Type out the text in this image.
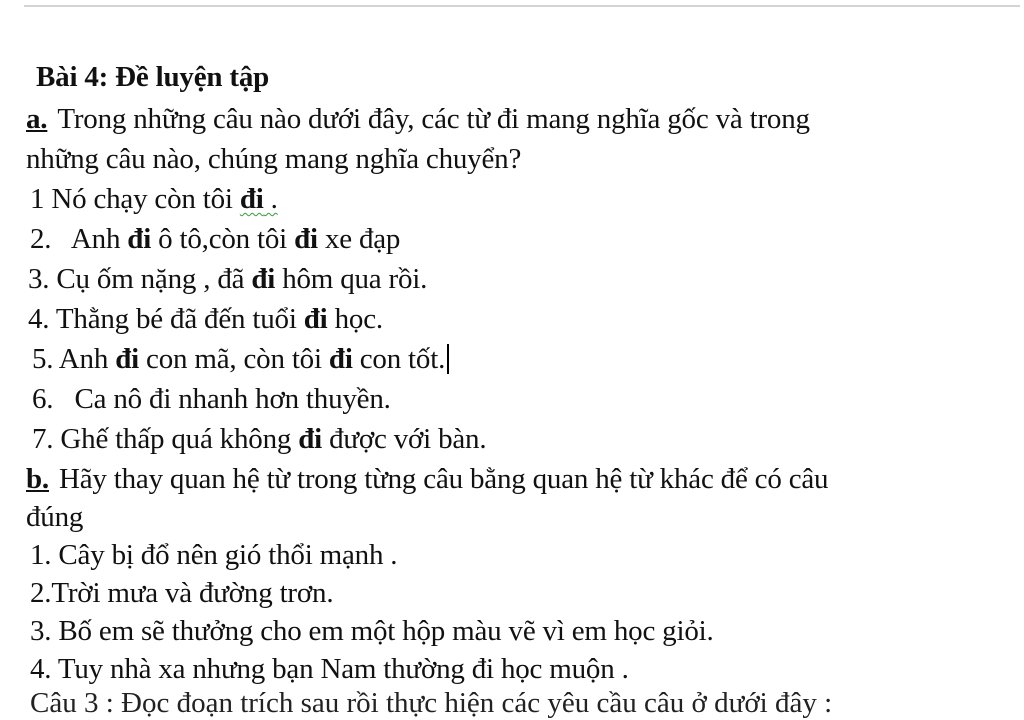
Bài 4: Đề luyện tập
a. Trong những câu nào dưới đây, các từ đi mang nghĩa gốc và trong
những câu nào, chúng mang nghĩa chuyển?
1 Nó chạy còn tôi đi .
2.   Anh đi ô tô,còn tôi đi xe đạp
3. Cụ ốm nặng , đã đi hôm qua rồi.
4. Thằng bé đã đến tuổi đi học.
5. Anh đi con mã, còn tôi đi con tốt.
6.   Ca nô đi nhanh hơn thuyền.
7. Ghế thấp quá không đi được với bàn.
b. Hãy thay quan hệ từ trong từng câu bằng quan hệ từ khác để có câu
đúng
1. Cây bị đổ nên gió thổi mạnh .
2.Trời mưa và đường trơn.
3. Bố em sẽ thưởng cho em một hộp màu vẽ vì em học giỏi.
4. Tuy nhà xa nhưng bạn Nam thường đi học muộn .
Câu 3 : Đọc đoạn trích sau rồi thực hiện các yêu cầu câu ở dưới đây :
